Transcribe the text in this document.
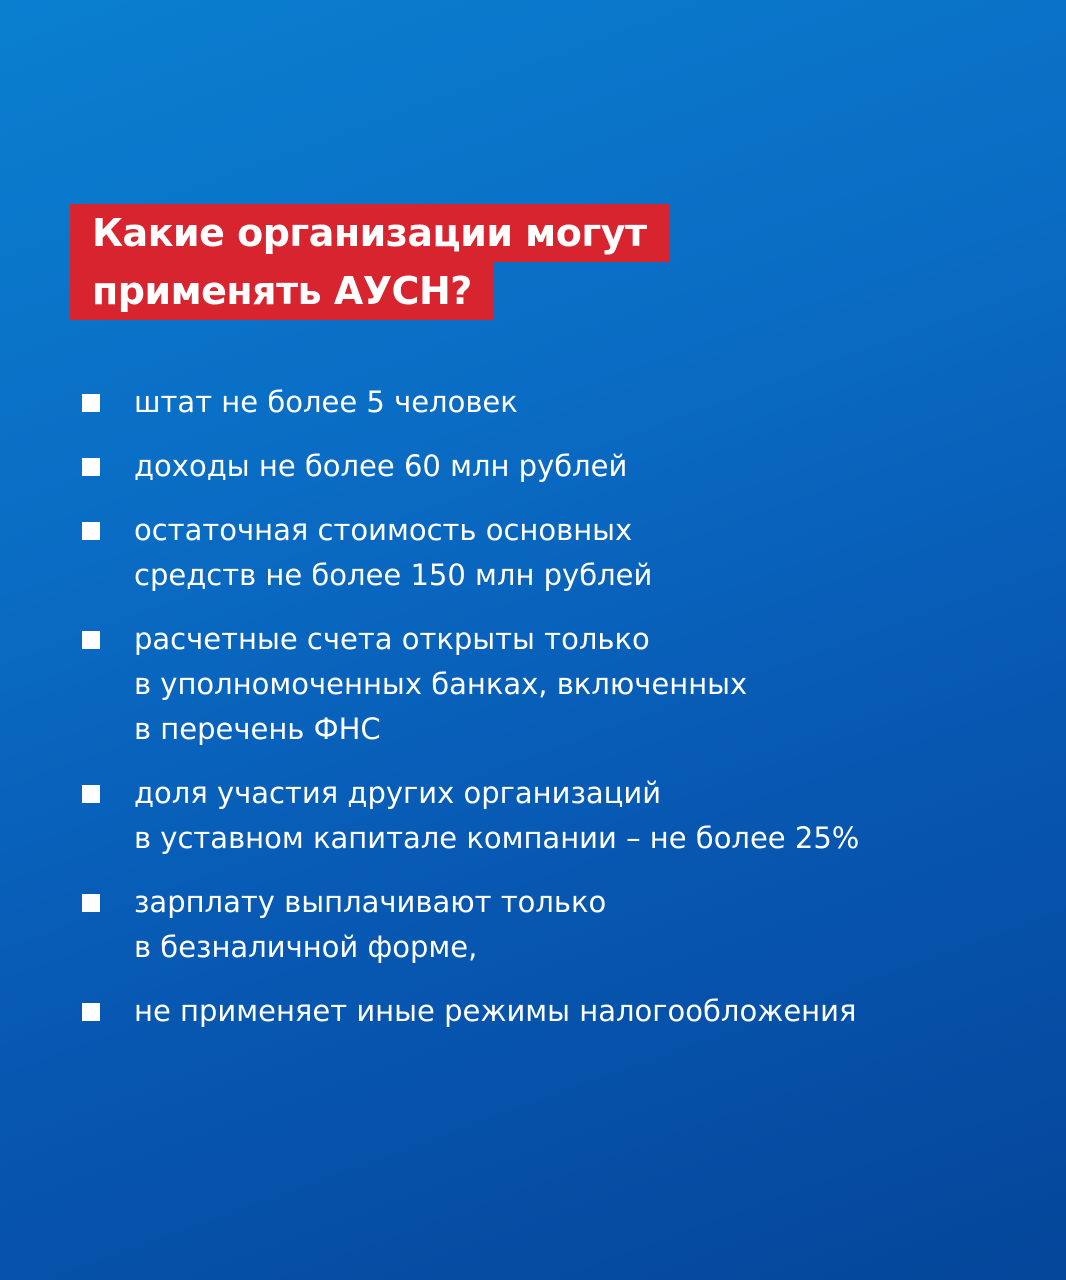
Какие организации могут
применять АУСН?
штат не более 5 человек
доходы не более 60 млн рублей
остаточная стоимость основных
средств не более 150 млн рублей
расчетные счета открыты только
в уполномоченных банках, включенных
в перечень ФНС
доля участия других организаций
в уставном капитале компании – не более 25%
зарплату выплачивают только
в безналичной форме,
не применяет иные режимы налогообложения
